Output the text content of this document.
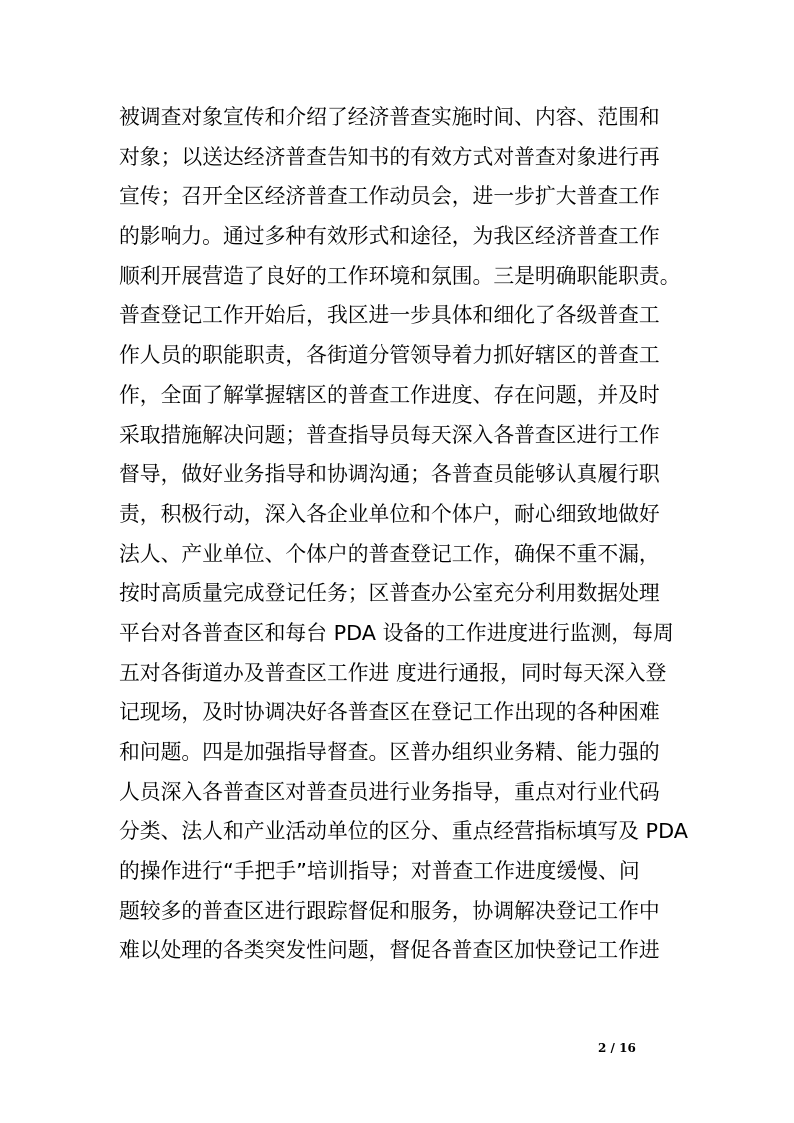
被调查对象宣传和介绍了经济普查实施时间、内容、范围和
对象；以送达经济普查告知书的有效方式对普查对象进行再
宣传；召开全区经济普查工作动员会，进一步扩大普查工作
的影响力。通过多种有效形式和途径，为我区经济普查工作
顺利开展营造了良好的工作环境和氛围。三是明确职能职责。
普查登记工作开始后，我区进一步具体和细化了各级普查工
作人员的职能职责，各街道分管领导着力抓好辖区的普查工
作，全面了解掌握辖区的普查工作进度、存在问题，并及时
采取措施解决问题；普查指导员每天深入各普查区进行工作
督导，做好业务指导和协调沟通；各普查员能够认真履行职
责，积极行动，深入各企业单位和个体户，耐心细致地做好
法人、产业单位、个体户的普查登记工作，确保不重不漏，
按时高质量完成登记任务；区普查办公室充分利用数据处理
平台对各普查区和每台 PDA 设备的工作进度进行监测，每周
五对各街道办及普查区工作进 度进行通报，同时每天深入登
记现场，及时协调决好各普查区在登记工作出现的各种困难
和问题。四是加强指导督查。区普办组织业务精、能力强的
人员深入各普查区对普查员进行业务指导，重点对行业代码
分类、法人和产业活动单位的区分、重点经营指标填写及 PDA
的操作进行“手把手”培训指导；对普查工作进度缓慢、问
题较多的普查区进行跟踪督促和服务，协调解决登记工作中
难以处理的各类突发性问题，督促各普查区加快登记工作进
2 / 16
